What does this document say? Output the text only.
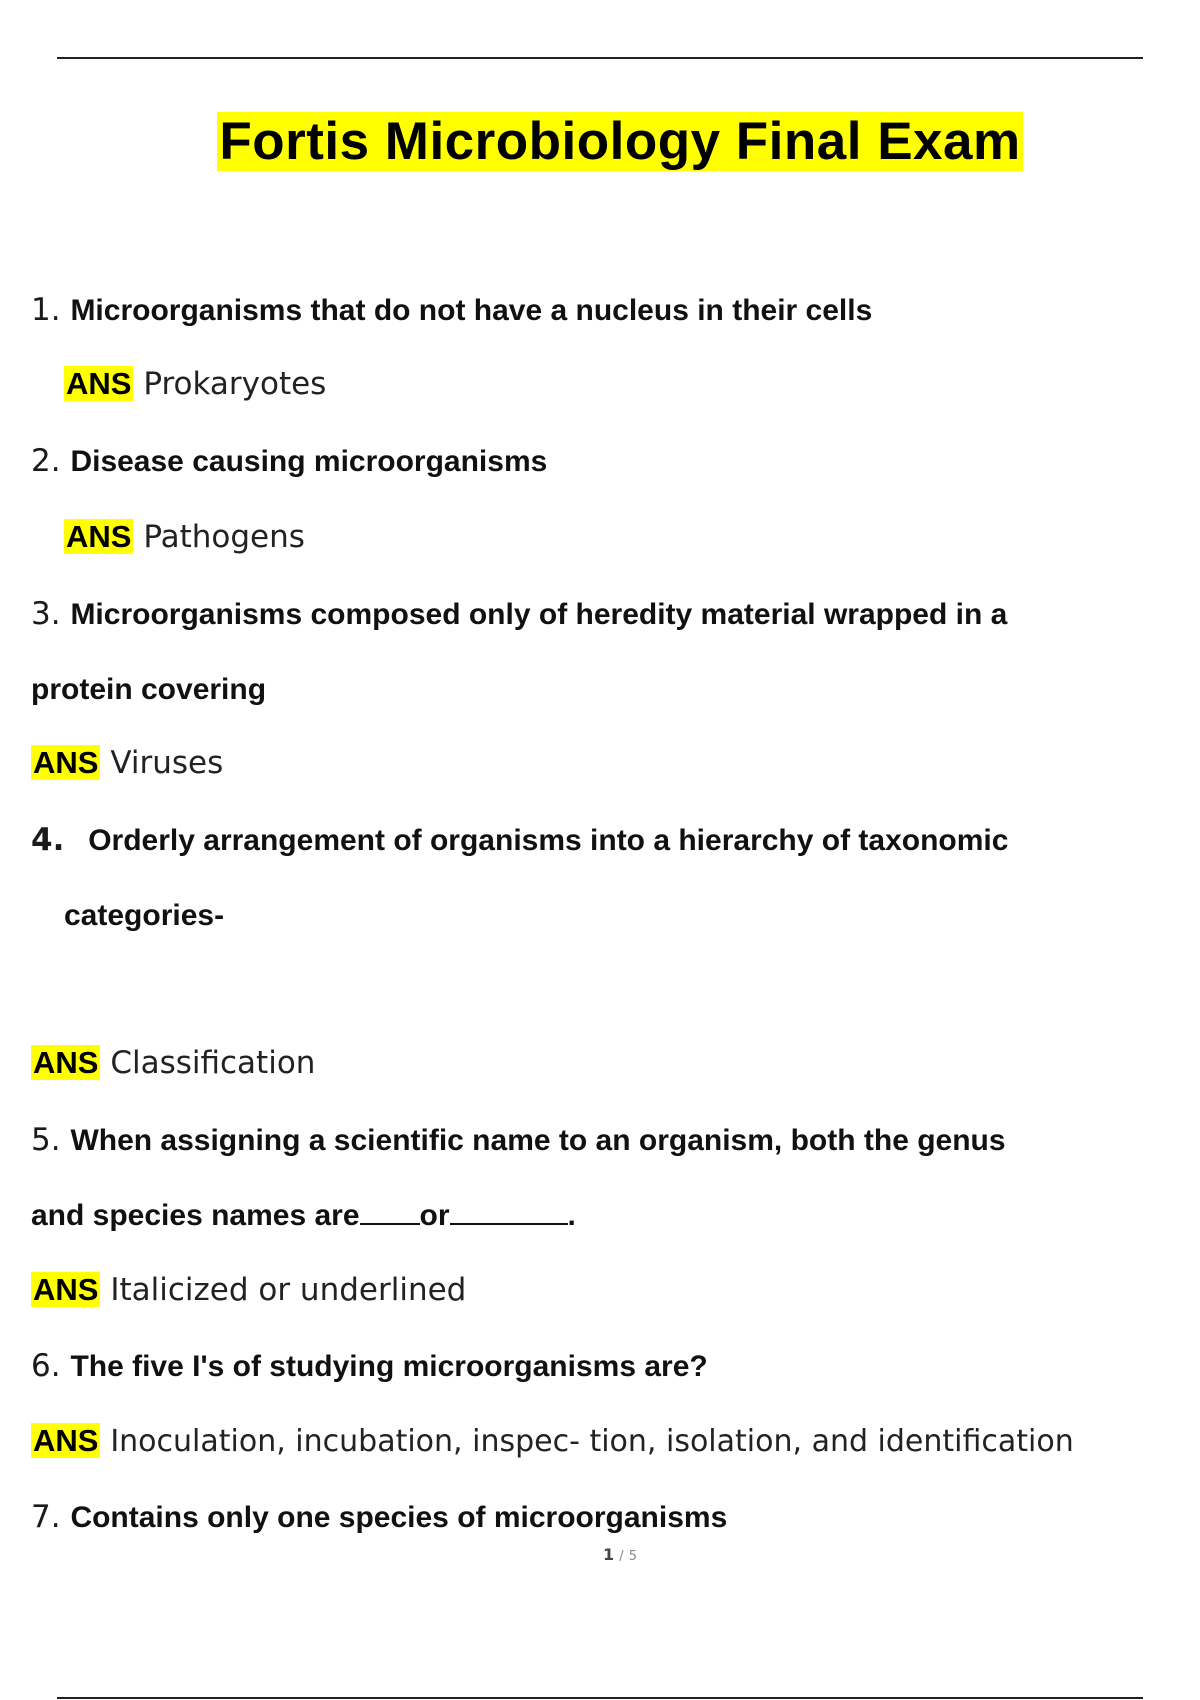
Fortis Microbiology Final Exam
1. Microorganisms that do not have a nucleus in their cells
ANS Prokaryotes
2. Disease causing microorganisms
ANS Pathogens
3. Microorganisms composed only of heredity material wrapped in a
protein covering
ANS Viruses
4. Orderly arrangement of organisms into a hierarchy of taxonomic
categories-
ANS Classification
5. When assigning a scientific name to an organism, both the genus
and species names are or	.
ANS Italicized or underlined
6. The five I's of studying microorganisms are?
ANS Inoculation, incubation, inspec- tion, isolation, and identification
7. Contains only one species of microorganisms
1 / 5
